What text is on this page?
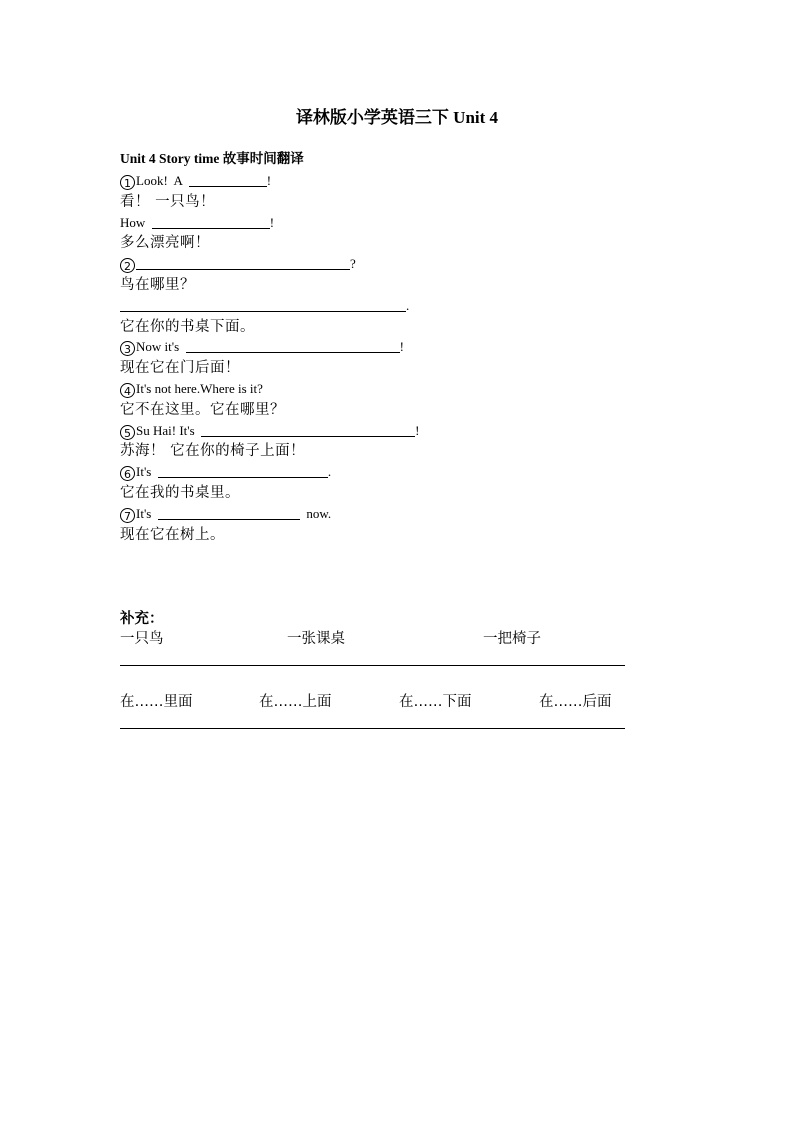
译林版小学英语三下 Unit 4
Unit 4 Story time 故事时间翻译
1 Look!  A	!
看！ 一只鸟！
How	!
多么漂亮啊！
2	?
鸟在哪里？
.
它在你的书桌下面。
3 Now it's	!
现在它在门后面！
4 It's not here.Where is it?
它不在这里。它在哪里？
5 Su Hai! It's	!
苏海！ 它在你的椅子上面！
6 It's	.
它在我的书桌里。
7 It's	now.
现在它在树上。
补充：
一只鸟	一张课桌	一把椅子
在……里面	在……上面	在……下面	在……后面
